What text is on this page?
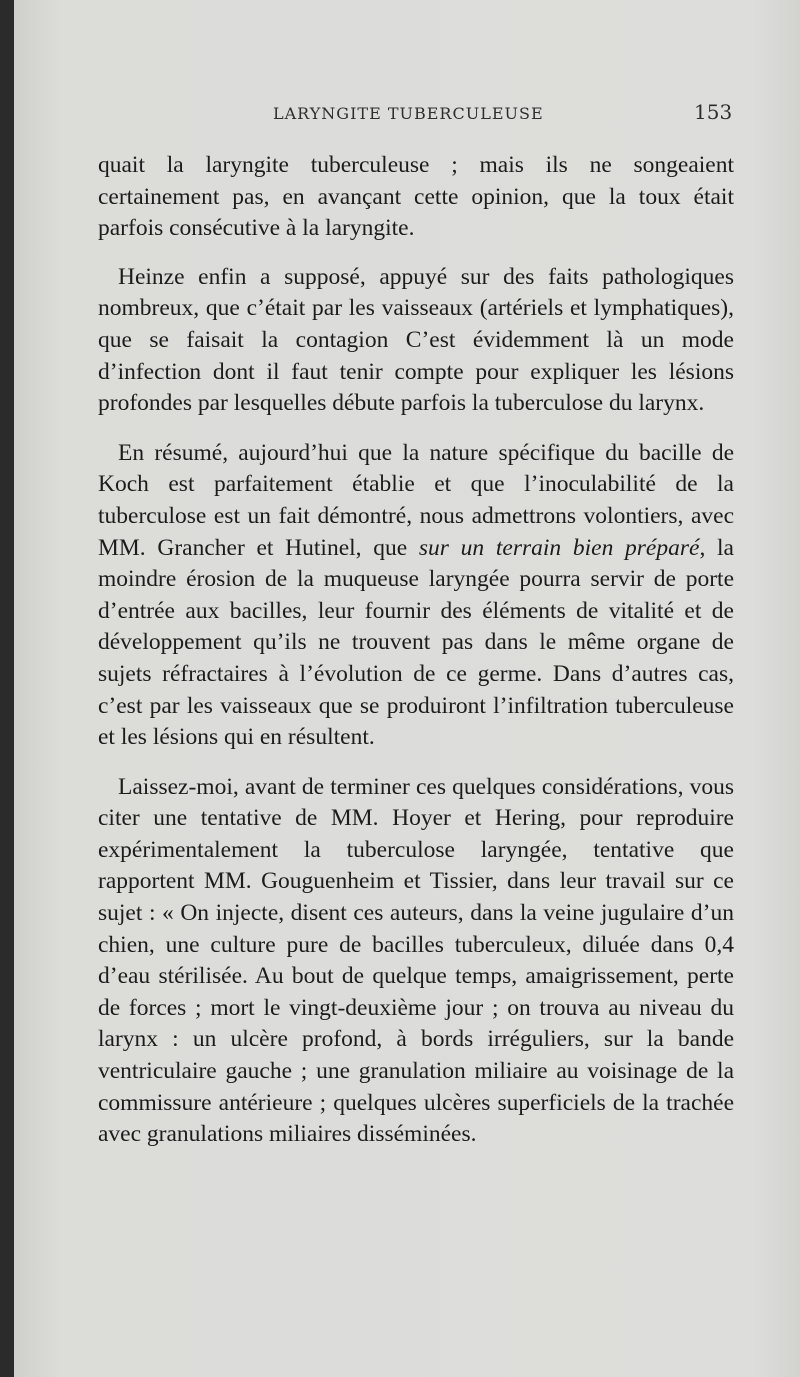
LARYNGITE TUBERCULEUSE	153

quait la laryngite tuberculeuse ; mais ils ne songeaient certainement pas, en avançant cette opinion, que la toux était parfois consécutive à la laryngite.

Heinze enfin a supposé, appuyé sur des faits pathologiques nombreux, que c’était par les vaisseaux (artériels et lymphatiques), que se faisait la contagion C’est évidemment là un mode d’infection dont il faut tenir compte pour expliquer les lésions profondes par lesquelles débute parfois la tuberculose du larynx.

En résumé, aujourd’hui que la nature spécifique du bacille de Koch est parfaitement établie et que l’inoculabilité de la tuberculose est un fait démontré, nous admettrons volontiers, avec MM. Grancher et Hutinel, que sur un terrain bien préparé, la moindre érosion de la muqueuse laryngée pourra servir de porte d’entrée aux bacilles, leur fournir des éléments de vitalité et de développement qu’ils ne trouvent pas dans le même organe de sujets réfractaires à l’évolution de ce germe. Dans d’autres cas, c’est par les vaisseaux que se produiront l’infiltration tuberculeuse et les lésions qui en résultent.

Laissez-moi, avant de terminer ces quelques considérations, vous citer une tentative de MM. Hoyer et Hering, pour reproduire expérimentalement la tuberculose laryngée, tentative que rapportent MM. Gouguenheim et Tissier, dans leur travail sur ce sujet : « On injecte, disent ces auteurs, dans la veine jugulaire d’un chien, une culture pure de bacilles tuberculeux, diluée dans 0,4 d’eau stérilisée. Au bout de quelque temps, amaigrissement, perte de forces ; mort le vingt-deuxième jour ; on trouva au niveau du larynx : un ulcère profond, à bords irréguliers, sur la bande ventriculaire gauche ; une granulation miliaire au voisinage de la commissure antérieure ; quelques ulcères superficiels de la trachée avec granulations miliaires disséminées.
